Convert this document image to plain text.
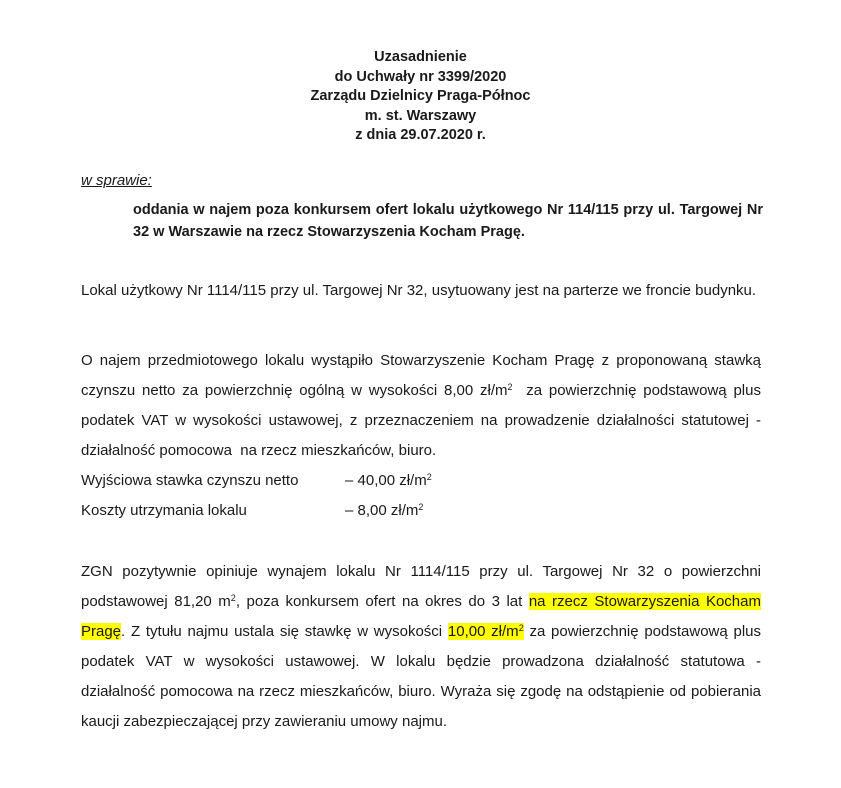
Uzasadnienie
do Uchwały nr 3399/2020
Zarządu Dzielnicy Praga-Północ
m. st. Warszawy
z dnia 29.07.2020 r.
w sprawie:
oddania w najem poza konkursem ofert lokalu użytkowego Nr 114/115 przy ul. Targowej Nr 32 w Warszawie na rzecz Stowarzyszenia Kocham Pragę.
Lokal użytkowy Nr 1114/115 przy ul. Targowej Nr 32, usytuowany jest na parterze we froncie budynku.
O najem przedmiotowego lokalu wystąpiło Stowarzyszenie Kocham Pragę z proponowaną stawką czynszu netto za powierzchnię ogólną w wysokości 8,00 $zł/m^2$  za powierzchnię podstawową plus podatek VAT w wysokości ustawowej, z przeznaczeniem na prowadzenie działalności statutowej - działalność pomocowa  na rzecz mieszkańców, biuro.
Wyjściowa stawka czynszu netto	– 40,00 $zł/m^2$
Koszty utrzymania lokalu	– 8,00 $zł/m^2$
ZGN pozytywnie opiniuje wynajem lokalu Nr 1114/115 przy ul. Targowej Nr 32 o powierzchni podstawowej 81,20 $m^2$, poza konkursem ofert na okres do 3 lat na rzecz Stowarzyszenia Kocham Pragę. Z tytułu najmu ustala się stawkę w wysokości 10,00 $zł/m^2$ za powierzchnię podstawową plus podatek VAT w wysokości ustawowej. W lokalu będzie prowadzona działalność statutowa - działalność pomocowa na rzecz mieszkańców, biuro. Wyraża się zgodę na odstąpienie od pobierania kaucji zabezpieczającej przy zawieraniu umowy najmu.
